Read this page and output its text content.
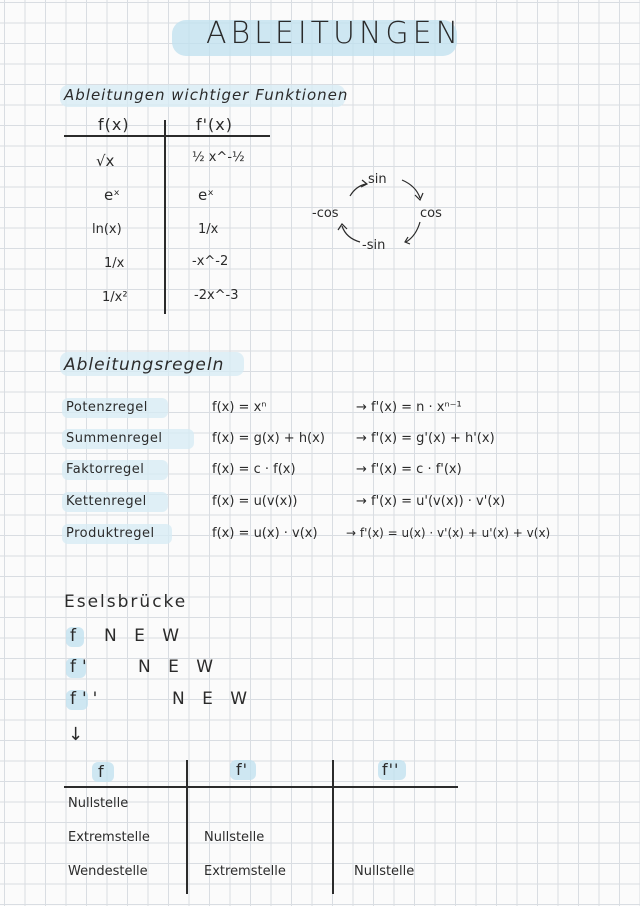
ABLEITUNGEN
Ableitungen wichtiger Funktionen
f(x)	f'(x)
√x	½ x^-½
eˣ	eˣ
ln(x)	1/x
1/x	-x^-2
1/x²	-2x^-3
sin
cos
-sin
-cos
Ableitungsregeln
Potenzregel	f(x) = xⁿ	→ f'(x) = n · xⁿ⁻¹
Summenregel	f(x) = g(x) + h(x) → f'(x) = g'(x) + h'(x)
Faktorregel	f(x) = c · f(x)	→ f'(x) = c · f'(x)
Kettenregel	f(x) = u(v(x))	→ f'(x) = u'(v(x)) · v'(x)
Produktregel	f(x) = u(x) · v(x) → f'(x) = u(x) · v'(x) + u'(x) + v(x)
Eselsbrücke
f N E W
f'	N E W
f''	N E W
↓
f	f'	f''
Nullstelle
Extremstelle	Nullstelle
Wendestelle	Extremstelle	Nullstelle
